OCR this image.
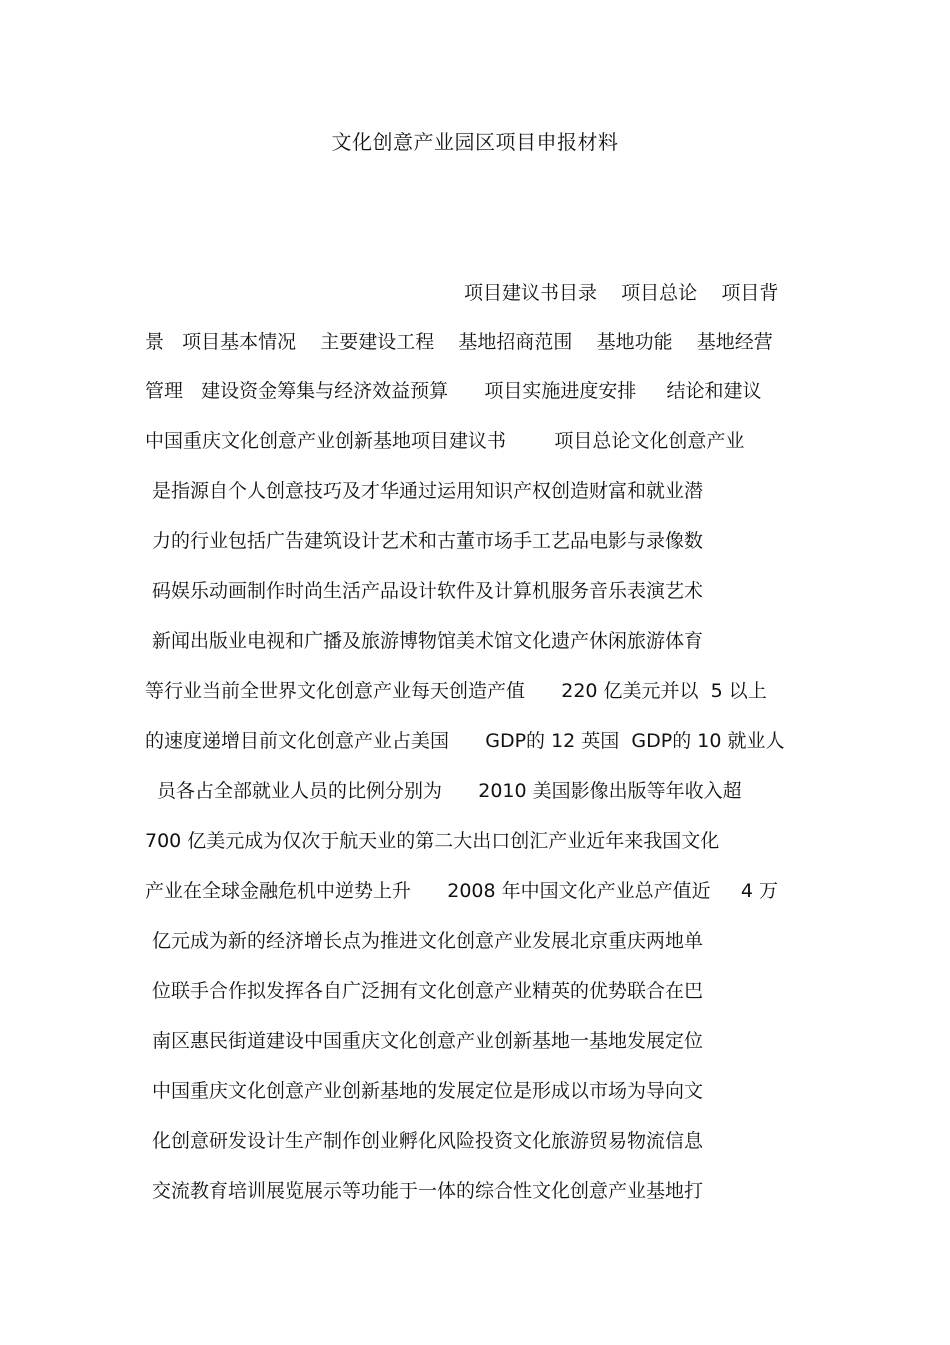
文化创意产业园区项目申报材料
项目建议书目录    项目总论    项目背
景   项目基本情况    主要建设工程    基地招商范围    基地功能    基地经营
管理   建设资金筹集与经济效益预算      项目实施进度安排     结论和建议
中国重庆文化创意产业创新基地项目建议书        项目总论文化创意产业
是指源自个人创意技巧及才华通过运用知识产权创造财富和就业潜
力的行业包括广告建筑设计艺术和古董市场手工艺品电影与录像数
码娱乐动画制作时尚生活产品设计软件及计算机服务音乐表演艺术
新闻出版业电视和广播及旅游博物馆美术馆文化遗产休闲旅游体育
等行业当前全世界文化创意产业每天创造产值      220 亿美元并以  5 以上
的速度递增目前文化创意产业占美国      GDP的 12 英国  GDP的 10 就业人
员各占全部就业人员的比例分别为      2010 美国影像出版等年收入超
700 亿美元成为仅次于航天业的第二大出口创汇产业近年来我国文化
产业在全球金融危机中逆势上升      2008 年中国文化产业总产值近     4 万
亿元成为新的经济增长点为推进文化创意产业发展北京重庆两地单
位联手合作拟发挥各自广泛拥有文化创意产业精英的优势联合在巴
南区惠民街道建设中国重庆文化创意产业创新基地一基地发展定位
中国重庆文化创意产业创新基地的发展定位是形成以市场为导向文
化创意研发设计生产制作创业孵化风险投资文化旅游贸易物流信息
交流教育培训展览展示等功能于一体的综合性文化创意产业基地打
